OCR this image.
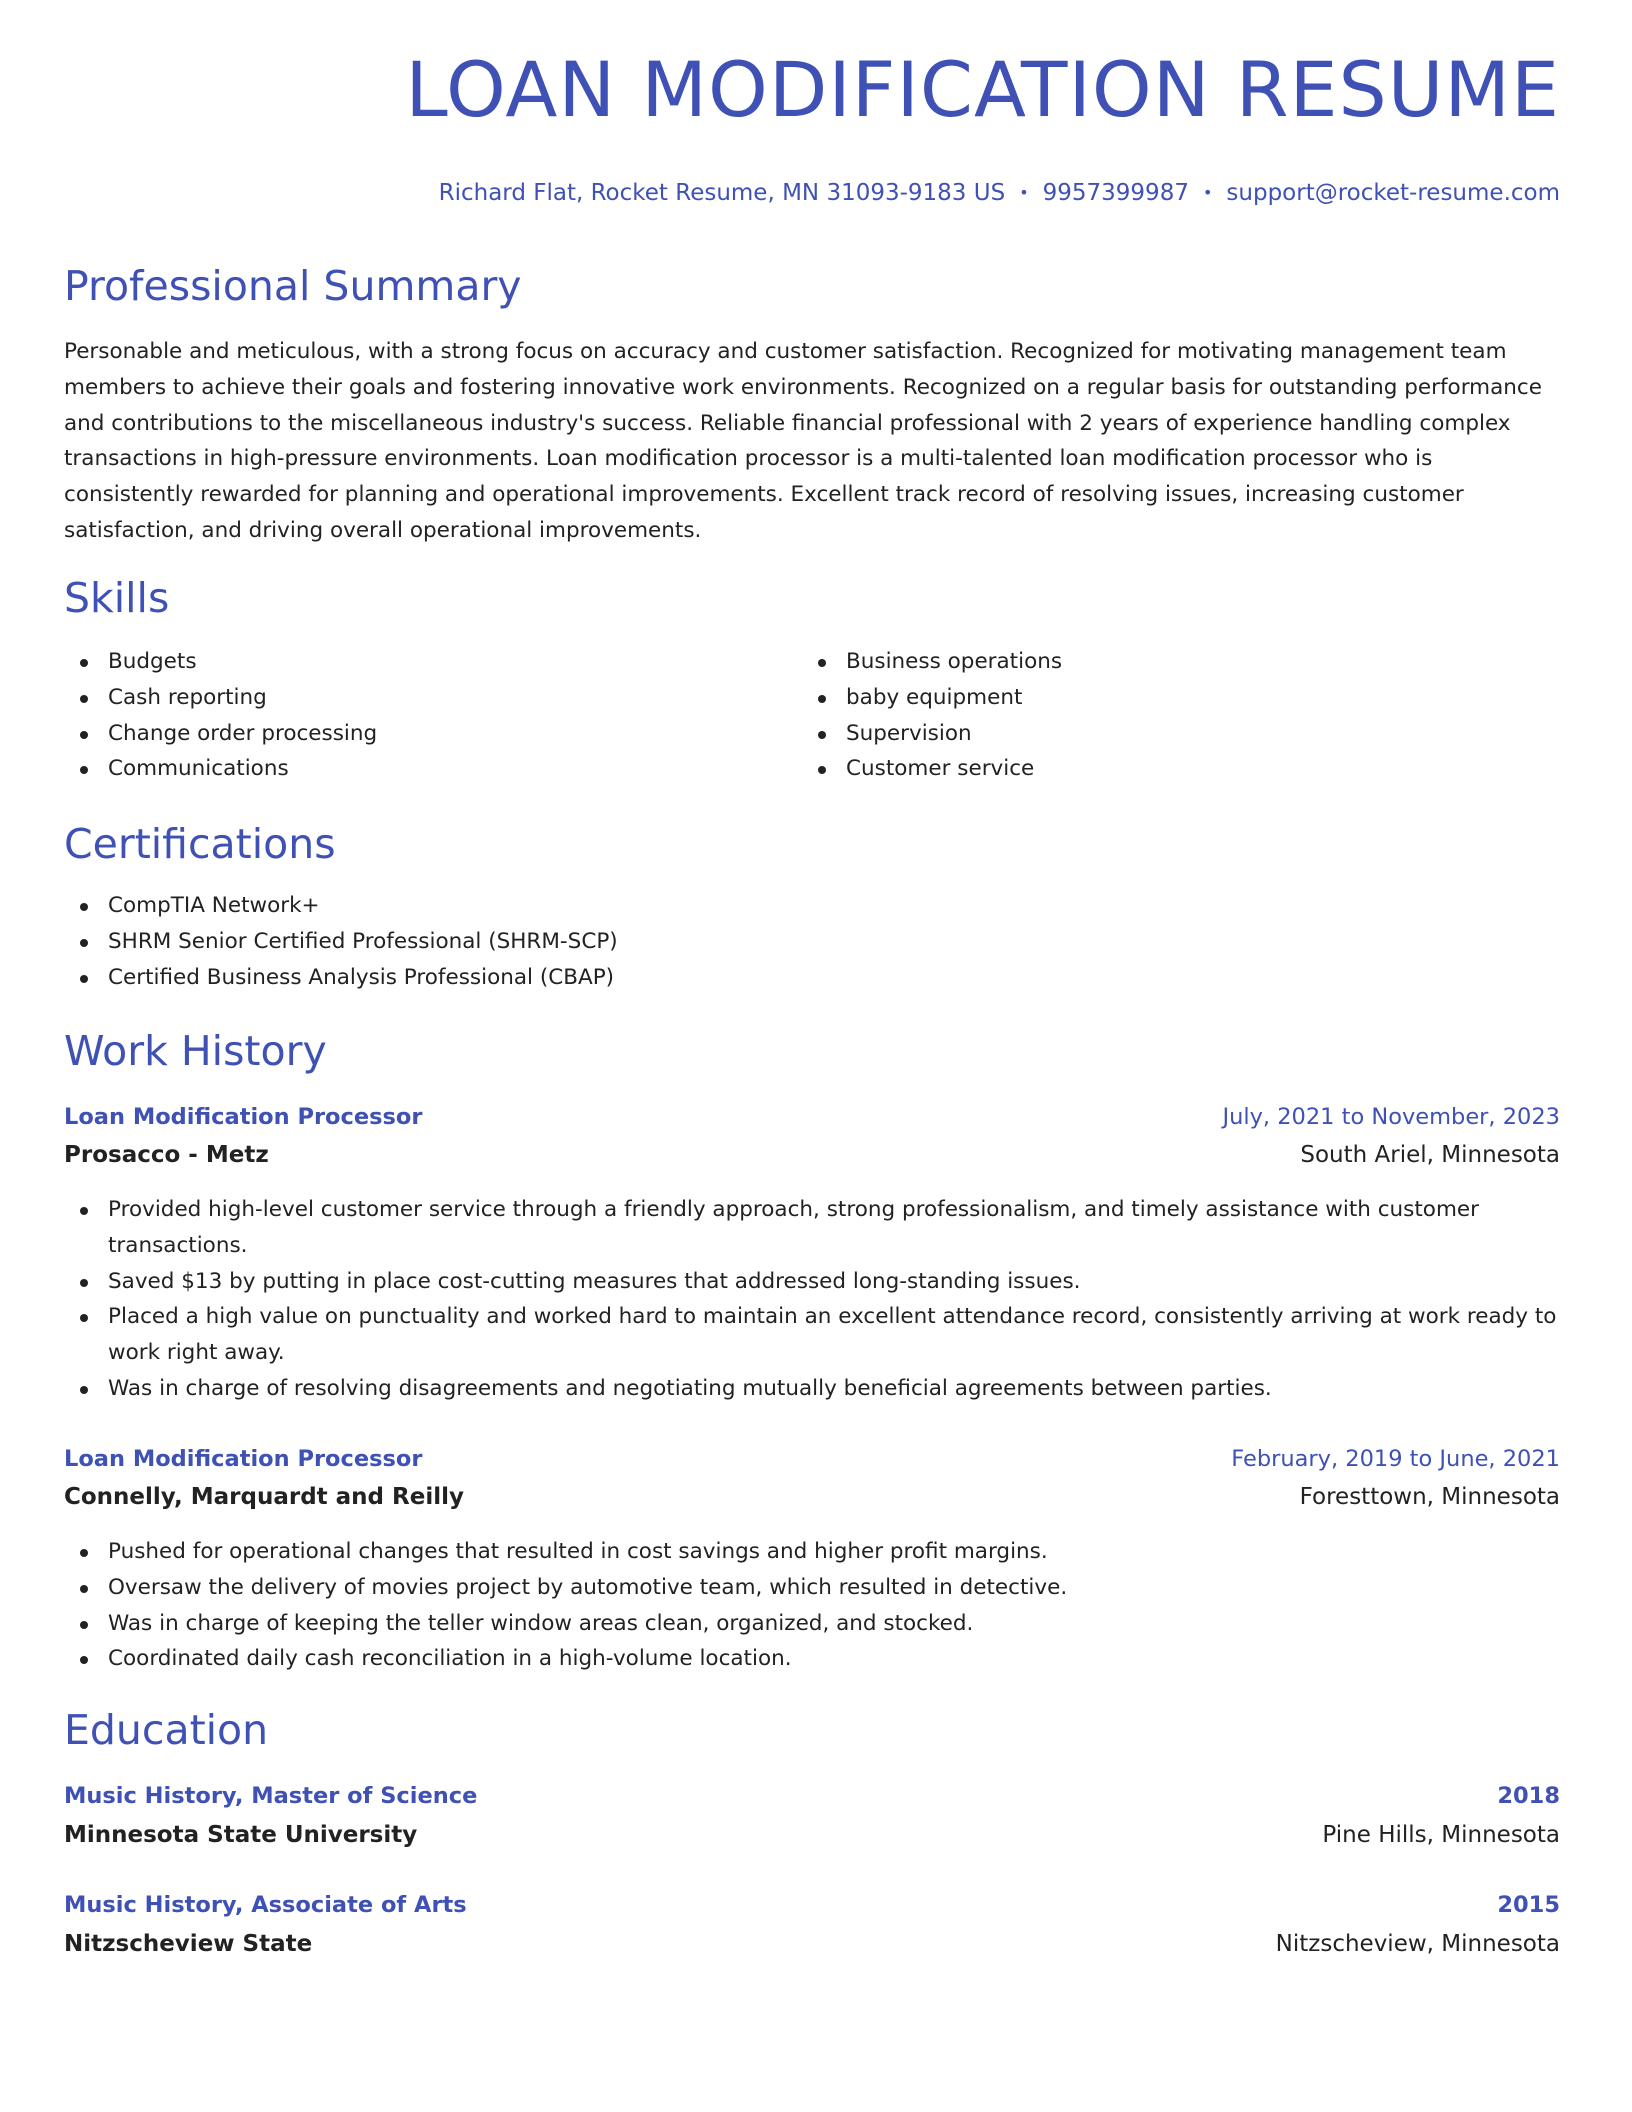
LOAN MODIFICATION RESUME
Richard Flat, Rocket Resume, MN 31093-9183 US • 9957399987 • support@rocket-resume.com
Professional Summary

Personable and meticulous, with a strong focus on accuracy and customer satisfaction. Recognized for motivating management team members to achieve their goals and fostering innovative work environments. Recognized on a regular basis for outstanding performance and contributions to the miscellaneous industry's success. Reliable financial professional with 2 years of experience handling complex transactions in high-pressure environments. Loan modification processor is a multi-talented loan modification processor who is consistently rewarded for planning and operational improvements. Excellent track record of resolving issues, increasing customer satisfaction, and driving overall operational improvements.

Skills
Budgets
Cash reporting
Change order processing
Communications
Business operations
baby equipment
Supervision
Customer service
Certifications
CompTIA Network+
SHRM Senior Certified Professional (SHRM-SCP)
Certified Business Analysis Professional (CBAP)
Work History
Loan Modification Processor	July, 2021 to November, 2023
Prosacco - Metz	South Ariel, Minnesota
Provided high-level customer service through a friendly approach, strong professionalism, and timely assistance with customer transactions.
Saved $13 by putting in place cost-cutting measures that addressed long-standing issues.
Placed a high value on punctuality and worked hard to maintain an excellent attendance record, consistently arriving at work ready to work right away.
Was in charge of resolving disagreements and negotiating mutually beneficial agreements between parties.
Loan Modification Processor	February, 2019 to June, 2021
Connelly, Marquardt and Reilly	Foresttown, Minnesota
Pushed for operational changes that resulted in cost savings and higher profit margins.
Oversaw the delivery of movies project by automotive team, which resulted in detective.
Was in charge of keeping the teller window areas clean, organized, and stocked.
Coordinated daily cash reconciliation in a high-volume location.
Education
Music History, Master of Science	2018
Minnesota State University	Pine Hills, Minnesota
Music History, Associate of Arts	2015
Nitzscheview State	Nitzscheview, Minnesota
